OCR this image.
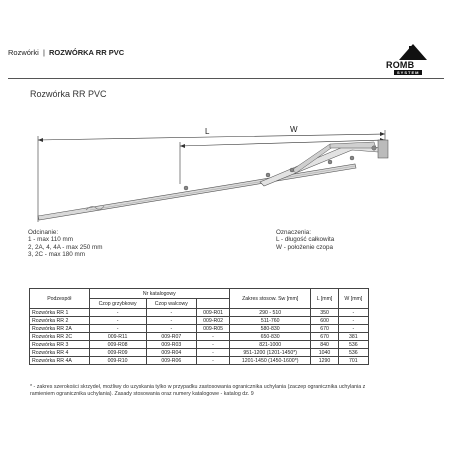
Rozwórki | ROZWÓRKA RR PVC
ROMB
SYSTEM
Rozwórka RR PVC
L	W
Odcinanie:
1 - max 110 mm
2, 2A, 4, 4A - max 250 mm
3, 2C - max 180 mm
Oznaczenia:
L - długość całkowita
W - położenie czopa
Podzespół	Nr katalogowy			Zakres stosow. Sw [mm]	L [mm]	W [mm]
	Czop grzybkowy	Czop walcowy				
Rozwórka RR 1	-	-	009-R01	290 - 510	350	-
Rozwórka RR 2	-	-	009-R02	511-760	600	-
Rozwórka RR 2A	-	-	009-R05	580-830	670	-
Rozwórka RR 2C	009-R11	009-R07	-	650-830	670	381
Rozwórka RR 3	009-R08	009-R03	-	821-1000	840	536
Rozwórka RR 4	009-R09	009-R04	-	951-1200 (1201-1450*)	1040	536
Rozwórka RR 4A	009-R10	009-R06	-	1201-1450 (1450-1600*)	1290	701
* - zakres szerokości skrzydeł, możliwy do uzyskania tylko w przypadku zastosowania ogranicznika uchylania (zaczep ogranicznika uchylania z ramieniem ogranicznika uchylania). Zasady stosowania oraz numery katalogowe - katalog dz. 9
